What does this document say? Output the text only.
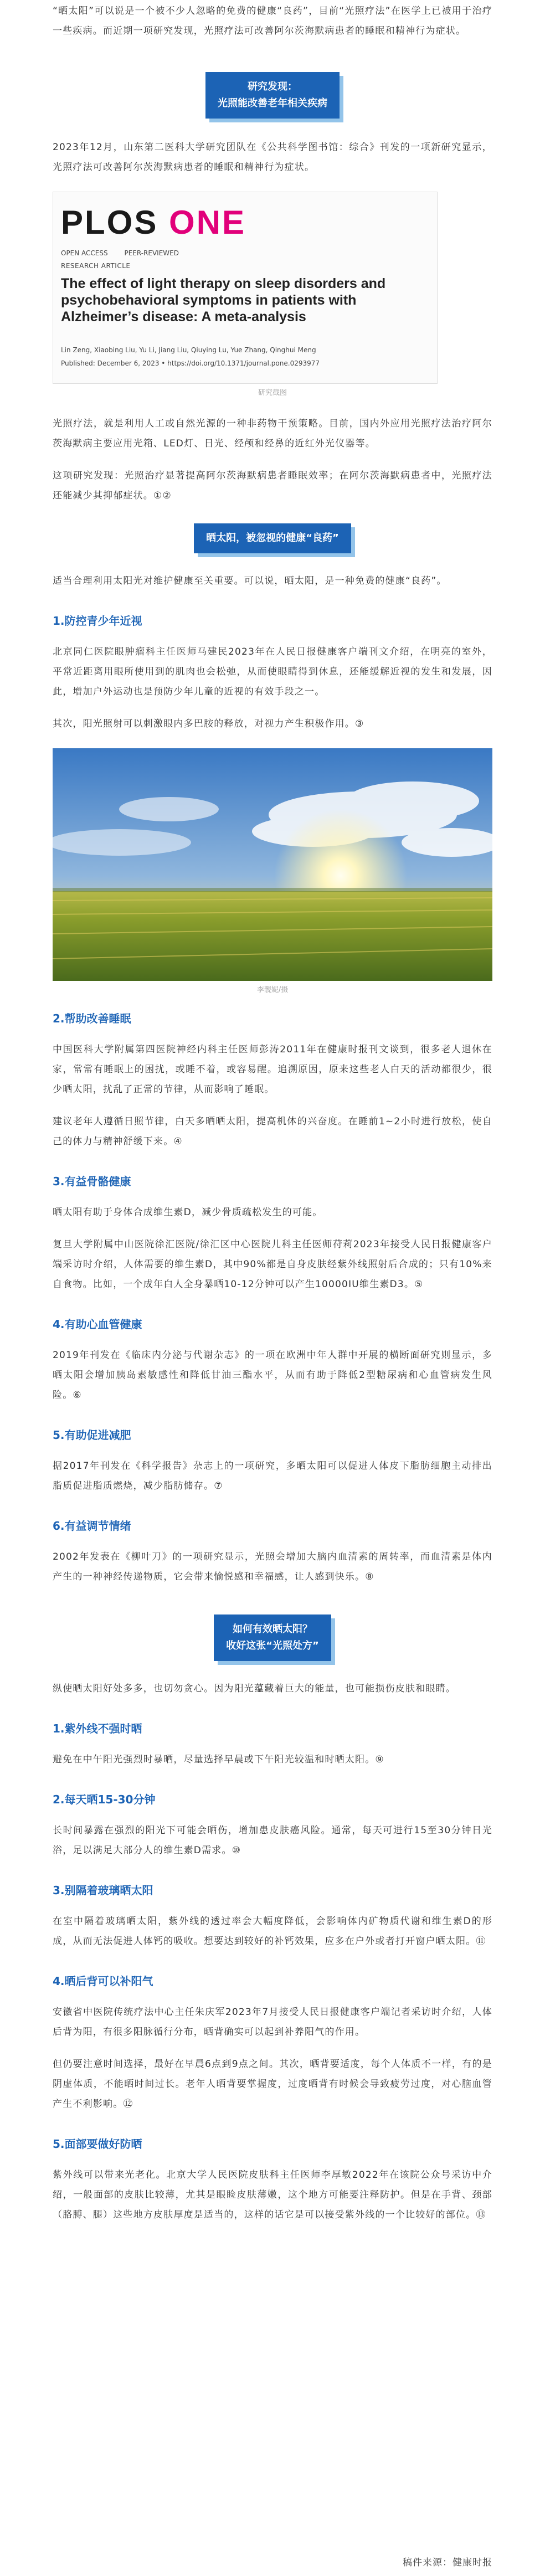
“晒太阳”可以说是一个被不少人忽略的免费的健康“良药”，目前“光照疗法”在医学上已被用于治疗一些疾病。而近期一项研究发现，光照疗法可改善阿尔茨海默病患者的睡眠和精神行为症状。

研究发现：
光照能改善老年相关疾病

2023年12月，山东第二医科大学研究团队在《公共科学图书馆：综合》刊发的一项新研究显示，光照疗法可改善阿尔茨海默病患者的睡眠和精神行为症状。

PLOS ONE
OPEN ACCESS PEER-REVIEWED
RESEARCH ARTICLE
The effect of light therapy on sleep disorders and psychobehavioral symptoms in patients with Alzheimer’s disease: A meta-analysis
Lin Zeng, Xiaobing Liu, Yu Li, Jiang Liu, Qiuying Lu, Yue Zhang, Qinghui Meng
Published: December 6, 2023 • https://doi.org/10.1371/journal.pone.0293977
研究截图

光照疗法，就是利用人工或自然光源的一种非药物干预策略。目前，国内外应用光照疗法治疗阿尔茨海默病主要应用光箱、LED灯、日光、经颅和经鼻的近红外光仪器等。

这项研究发现：光照治疗显著提高阿尔茨海默病患者睡眠效率；在阿尔茨海默病患者中，光照疗法还能减少其抑郁症状。①②

晒太阳，被忽视的健康“良药”

适当合理利用太阳光对维护健康至关重要。可以说，晒太阳，是一种免费的健康“良药”。

1.防控青少年近视

北京同仁医院眼肿瘤科主任医师马建民2023年在人民日报健康客户端刊文介绍，在明亮的室外，平常近距离用眼所使用到的肌肉也会松弛，从而使眼睛得到休息，还能缓解近视的发生和发展，因此，增加户外运动也是预防少年儿童的近视的有效手段之一。

其次，阳光照射可以刺激眼内多巴胺的释放，对视力产生积极作用。③

李靓妮/摄
2.帮助改善睡眠

中国医科大学附属第四医院神经内科主任医师彭涛2011年在健康时报刊文谈到，很多老人退休在家，常常有睡眠上的困扰，或睡不着，或容易醒。追溯原因，原来这些老人白天的活动都很少，很少晒太阳，扰乱了正常的节律，从而影响了睡眠。

建议老年人遵循日照节律，白天多晒晒太阳，提高机体的兴奋度。在睡前1~2小时进行放松，使自己的体力与精神舒缓下来。④

3.有益骨骼健康

晒太阳有助于身体合成维生素D，减少骨质疏松发生的可能。

复旦大学附属中山医院徐汇医院/徐汇区中心医院儿科主任医师苻莉2023年接受人民日报健康客户端采访时介绍，人体需要的维生素D，其中90%都是自身皮肤经紫外线照射后合成的；只有10%来自食物。比如，一个成年白人全身暴晒10-12分钟可以产生10000IU维生素D3。⑤

4.有助心血管健康

2019年刊发在《临床内分泌与代谢杂志》的一项在欧洲中年人群中开展的横断面研究则显示，多晒太阳会增加胰岛素敏感性和降低甘油三酯水平，从而有助于降低2型糖尿病和心血管病发生风险。⑥

5.有助促进减肥

据2017年刊发在《科学报告》杂志上的一项研究，多晒太阳可以促进人体皮下脂肪细胞主动排出脂质促进脂质燃烧，减少脂肪储存。⑦

6.有益调节情绪

2002年发表在《柳叶刀》的一项研究显示，光照会增加大脑内血清素的周转率，而血清素是体内产生的一种神经传递物质，它会带来愉悦感和幸福感，让人感到快乐。⑧

如何有效晒太阳？
收好这张“光照处方”

纵使晒太阳好处多多，也切勿贪心。因为阳光蕴藏着巨大的能量，也可能损伤皮肤和眼睛。

1.紫外线不强时晒

避免在中午阳光强烈时暴晒，尽量选择早晨或下午阳光较温和时晒太阳。⑨

2.每天晒15-30分钟

长时间暴露在强烈的阳光下可能会晒伤，增加患皮肤癌风险。通常，每天可进行15至30分钟日光浴，足以满足大部分人的维生素D需求。⑩

3.别隔着玻璃晒太阳

在室中隔着玻璃晒太阳，紫外线的透过率会大幅度降低，会影响体内矿物质代谢和维生素D的形成，从而无法促进人体钙的吸收。想要达到较好的补钙效果，应多在户外或者打开窗户晒太阳。⑪

4.晒后背可以补阳气

安徽省中医院传统疗法中心主任朱庆军2023年7月接受人民日报健康客户端记者采访时介绍，人体后背为阳，有很多阳脉循行分布，晒背确实可以起到补养阳气的作用。

但仍要注意时间选择，最好在早晨6点到9点之间。其次，晒背要适度，每个人体质不一样，有的是阴虚体质，不能晒时间过长。老年人晒背要掌握度，过度晒背有时候会导致疲劳过度，对心脑血管产生不利影响。⑫

5.面部要做好防晒

紫外线可以带来光老化。北京大学人民医院皮肤科主任医师李厚敏2022年在该院公众号采访中介绍，一般面部的皮肤比较薄，尤其是眼睑皮肤薄嫩，这个地方可能要注释防护。但是在手背、颈部（胳膊、腿）这些地方皮肤厚度是适当的，这样的话它是可以接受紫外线的一个比较好的部位。⑬

稿件来源：健康时报
